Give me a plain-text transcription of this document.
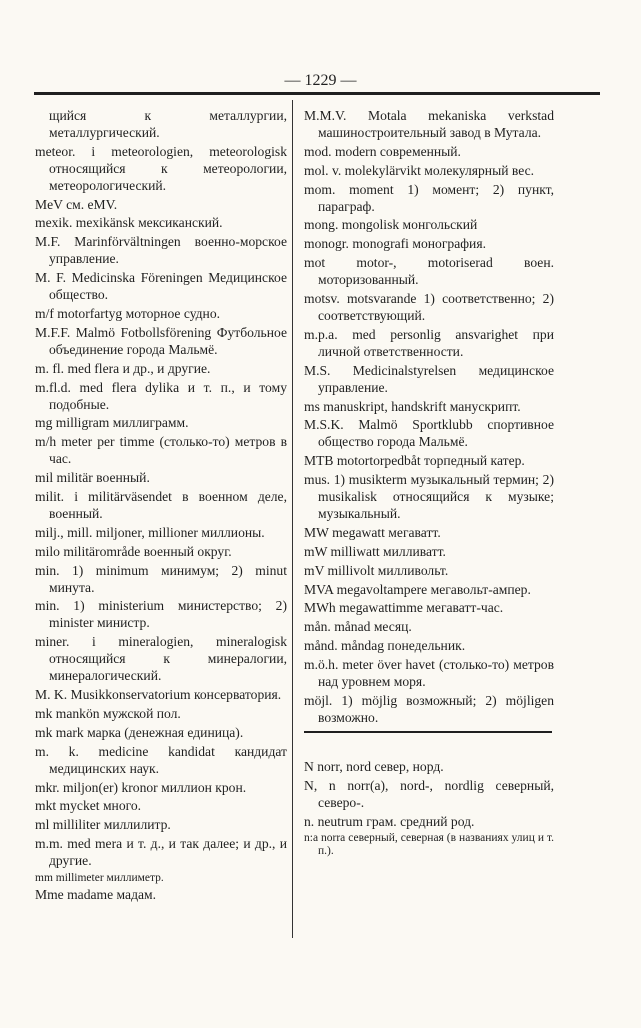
— 1229 —
щийся к металлургии, металлургический.
meteor. i meteorologien, meteorologisk относящийся к метеорологии, метеорологический.
MeV см. eMV.
mexik. mexikänsk мексиканский.
M.F. Marinförvältningen военно-морское управление.
M. F. Medicinska Föreningen Медицинское общество.
m/f motorfartyg моторное судно.
M.F.F. Malmö Fotbollsförening Футбольное объединение города Мальмё.
m. fl. med flera и др., и другие.
m.fl.d. med flera dylika и т. п., и тому подобные.
mg milligram миллиграмм.
m/h meter per timme (столько-то) метров в час.
mil militär военный.
milit. i militärväsendet в военном деле, военный.
milj., mill. miljoner, millioner миллионы.
milo militärområde военный округ.
min. 1) minimum минимум; 2) minut минута.
min. 1) ministerium министерство; 2) minister министр.
miner. i mineralogien, mineralogisk относящийся к минералогии, минералогический.
M. K. Musikkonservatorium консерватория.
mk mankön мужской пол.
mk mark марка (денежная единица).
m. k. medicine kandidat кандидат медицинских наук.
mkr. miljon(er) kronor миллион крон.
mkt mycket много.
ml milliliter миллилитр.
m.m. med mera и т. д., и так далее; и др., и другие.
mm millimeter миллиметр.
Mme madame мадам.
M.M.V. Motala mekaniska verkstad машиностроительный завод в Мутала.
mod. modern современный.
mol. v. molekylärvikt молекулярный вес.
mom. moment 1) момент; 2) пункт, параграф.
mong. mongolisk монгольский
monogr. monografi монография.
mot motor-, motoriserad воен. моторизованный.
motsv. motsvarande 1) соответственно; 2) соответствующий.
m.p.a. med personlig ansvarighet при личной ответственности.
M.S. Medicinalstyrelsen медицинское управление.
ms manuskript, handskrift манускрипт.
M.S.K. Malmö Sportklubb спортивное общество города Мальмё.
MTB motortorpedbåt торпедный катер.
mus. 1) musikterm музыкальный термин; 2) musikalisk относящийся к музыке; музыкальный.
MW megawatt мегаватт.
mW milliwatt милливатт.
mV millivolt милливольт.
MVA megavoltampere мегавольт-ампер.
MWh megawattimme мегаватт-час.
mån. månad месяц.
månd. måndag понедельник.
m.ö.h. meter över havet (столько-то) метров над уровнем моря.
möjl. 1) möjlig возможный; 2) möjligen возможно.
N norr, nord север, норд.
N, n norr(a), nord-, nordlig северный, северо-.
n. neutrum грам. средний род.
n:a norra северный, северная (в названиях улиц и т. п.).
